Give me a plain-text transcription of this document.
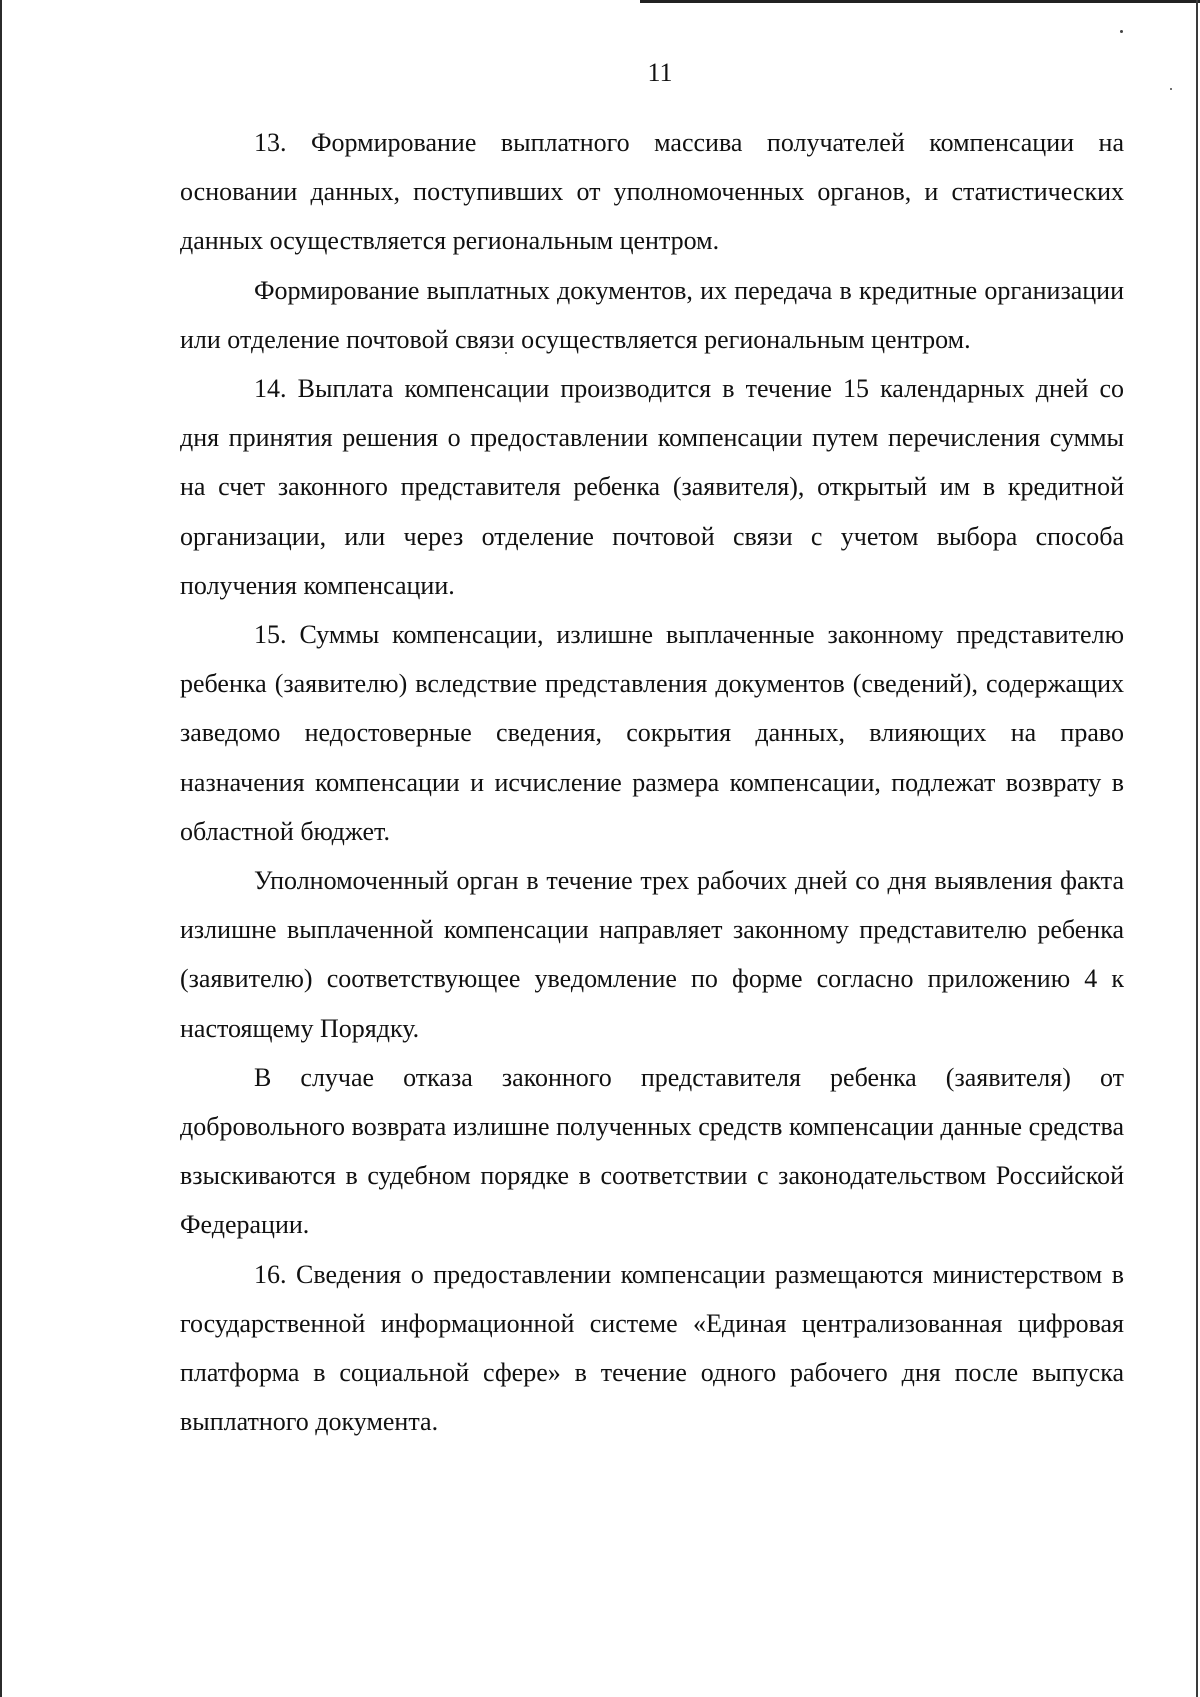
11

13. Формирование выплатного массива получателей компенсации на основании данных, поступивших от уполномоченных органов, и статистических данных осуществляется региональным центром.

Формирование выплатных документов, их передача в кредитные организации или отделение почтовой связи осуществляется региональным центром.

14. Выплата компенсации производится в течение 15 календарных дней со дня принятия решения о предоставлении компенсации путем перечисления суммы на счет законного представителя ребенка (заявителя), открытый им в кредитной организации, или через отделение почтовой связи с учетом выбора способа получения компенсации.

15. Суммы компенсации, излишне выплаченные законному представителю ребенка (заявителю) вследствие представления документов (сведений), содержащих заведомо недостоверные сведения, сокрытия данных, влияющих на право назначения компенсации и исчисление размера компенсации, подлежат возврату в областной бюджет.

Уполномоченный орган в течение трех рабочих дней со дня выявления факта излишне выплаченной компенсации направляет законному представителю ребенка (заявителю) соответствующее уведомление по форме согласно приложению 4 к настоящему Порядку.

В случае отказа законного представителя ребенка (заявителя) от добровольного возврата излишне полученных средств компенсации данные средства взыскиваются в судебном порядке в соответствии с законодательством Российской Федерации.

16. Сведения о предоставлении компенсации размещаются министерством в государственной информационной системе «Единая централизованная цифровая платформа в социальной сфере» в течение одного рабочего дня после выпуска выплатного документа.
